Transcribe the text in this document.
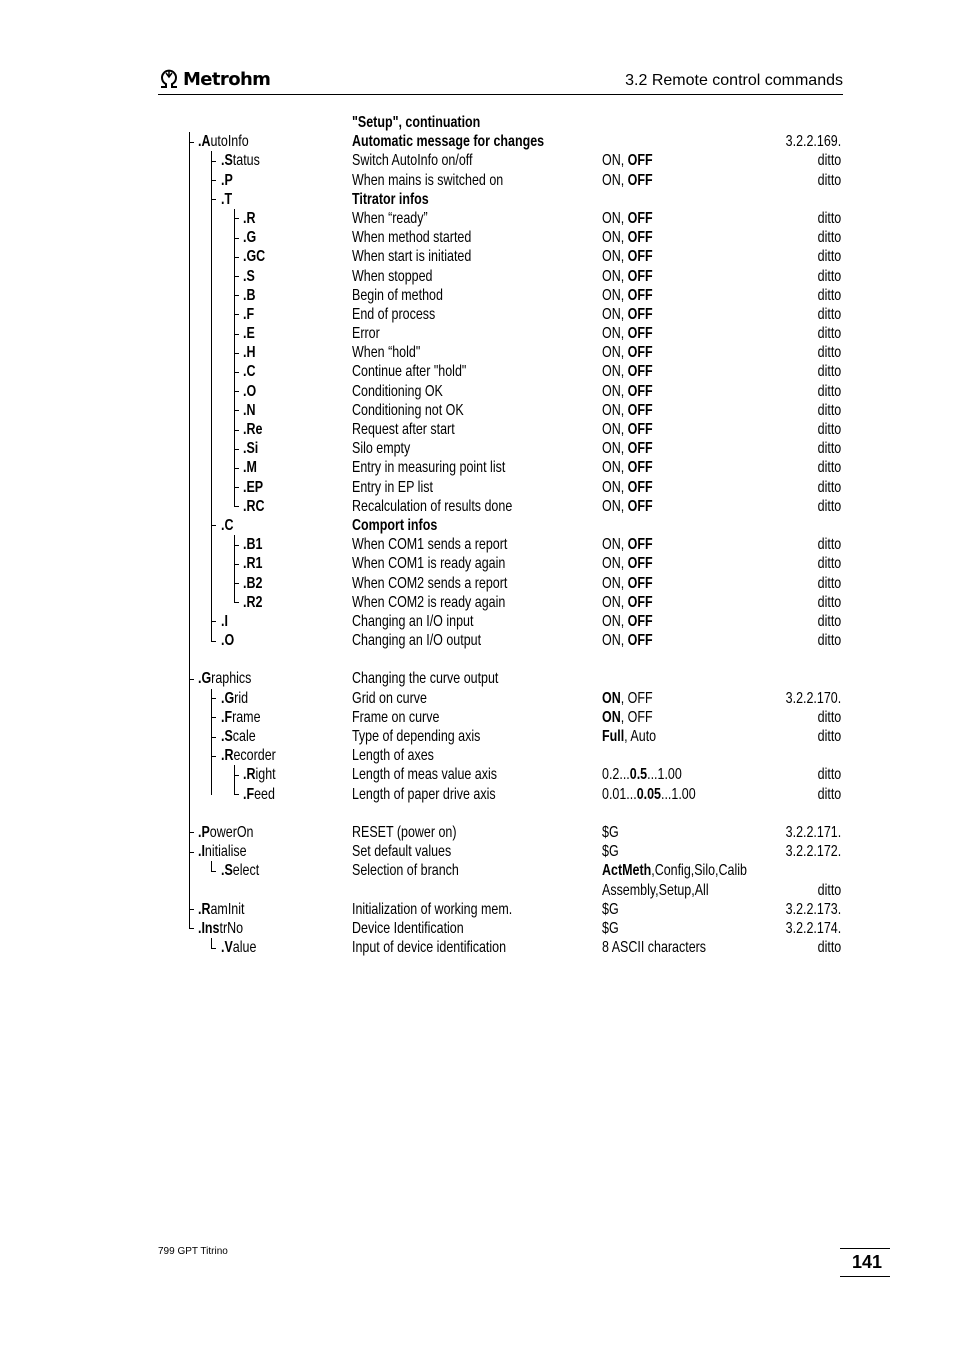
Metrohm	3.2 Remote control commands
"Setup", continuation
.AutoInfo	Automatic message for changes	3.2.2.169.
.Status	Switch AutoInfo on/off	ON, OFF	ditto
.P	When mains is switched on	ON, OFF	ditto
.T	Titrator infos
.R	When “ready”	ON, OFF	ditto
.G	When method started	ON, OFF	ditto
.GC	When start is initiated	ON, OFF	ditto
.S	When stopped	ON, OFF	ditto
.B	Begin of method	ON, OFF	ditto
.F	End of process	ON, OFF	ditto
.E	Error	ON, OFF	ditto
.H	When “hold"	ON, OFF	ditto
.C	Continue after "hold"	ON, OFF	ditto
.O	Conditioning OK	ON, OFF	ditto
.N	Conditioning not OK	ON, OFF	ditto
.Re	Request after start	ON, OFF	ditto
.Si	Silo empty	ON, OFF	ditto
.M	Entry in measuring point list	ON, OFF	ditto
.EP	Entry in EP list	ON, OFF	ditto
.RC	Recalculation of results done	ON, OFF	ditto
.C	Comport infos
.B1	When COM1 sends a report	ON, OFF	ditto
.R1	When COM1 is ready again	ON, OFF	ditto
.B2	When COM2 sends a report	ON, OFF	ditto
.R2	When COM2 is ready again	ON, OFF	ditto
.I	Changing an I/O input	ON, OFF	ditto
.O	Changing an I/O output	ON, OFF	ditto
.Graphics	Changing the curve output
.Grid	Grid on curve	ON, OFF	3.2.2.170.
.Frame	Frame on curve	ON, OFF	ditto
.Scale	Type of depending axis	Full, Auto	ditto
.Recorder	Length of axes
.Right	Length of meas value axis	0.2...0.5...1.00	ditto
.Feed	Length of paper drive axis	0.01...0.05...1.00	ditto
.PowerOn	RESET (power on)	$G	3.2.2.171.
.Initialise	Set default values	$G	3.2.2.172.
.Select	Selection of branch	ActMeth,Config,Silo,Calib
Assembly,Setup,All	ditto
.RamInit	Initialization of working mem.	$G	3.2.2.173.
.InstrNo	Device Identification	$G	3.2.2.174.
.Value	Input of device identification	8 ASCII characters	ditto
799 GPT Titrino
141
